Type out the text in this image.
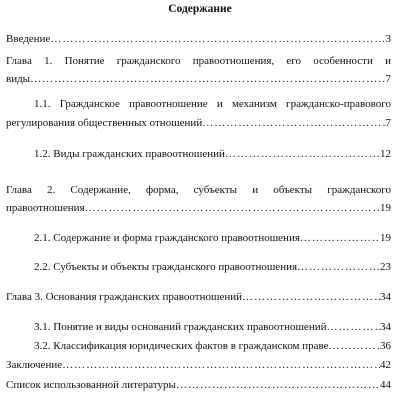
Содержание
Введение …………………………………………………………………………………………………………………………………………………………………………………………………………………	3
Глава 1. Понятие гражданского правоотношения, его особенности и
виды …………………………………………………………………………………………………………………………………………………………………………………………………………………	7
1.1. Гражданское правоотношение и механизм гражданско-правового
регулирования общественных отношений …………………………………………………………………………………………………………………………………………………………………………………………………………………	7
1.2. Виды гражданских правоотношений …………………………………………………………………………………………………………………………………………………………………………………………………………………	12
Глава 2. Содержание, форма, субъекты и объекты гражданского
правоотношения …………………………………………………………………………………………………………………………………………………………………………………………………………………	19
2.1. Содержание и форма гражданского правоотношения …………………………………………………………………………………………………………………………………………………………………………………………………………………	19
2.2. Субъекты и объекты гражданского правоотношения …………………………………………………………………………………………………………………………………………………………………………………………………………………	23
Глава 3. Основания гражданских правоотношений …………………………………………………………………………………………………………………………………………………………………………………………………………………	34
3.1. Понятие и виды оснований гражданских правоотношений …………………………………………………………………………………………………………………………………………………………………………………………………………………	34
3.2. Классификация юридических фактов в гражданском праве …………………………………………………………………………………………………………………………………………………………………………………………………………………	36
Заключение …………………………………………………………………………………………………………………………………………………………………………………………………………………	42
Список использованной литературы …………………………………………………………………………………………………………………………………………………………………………………………………………………	44
